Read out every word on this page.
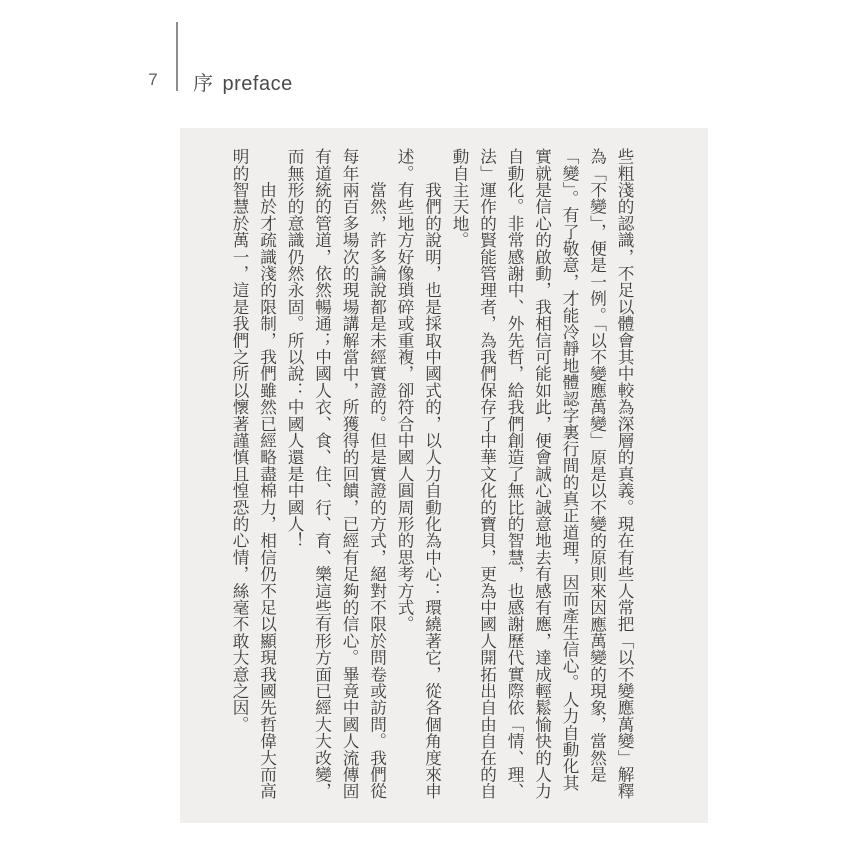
7	序 preface
些粗淺的認識，不足以體會其中較為深層的真義。現在有些人常把「以不變應萬變」解釋
為「不變」，便是一例。「以不變應萬變」原是以不變的原則來因應萬變的現象，當然是
「變」。有了敬意，才能冷靜地體認字裏行間的真正道理，因而產生信心。人力自動化其
實就是信心的啟動，我相信可能如此，便會誠心誠意地去有感有應，達成輕鬆愉快的人力
自動化。非常感謝中、外先哲，給我們創造了無比的智慧，也感謝歷代實際依「情、理、
法」運作的賢能管理者，為我們保存了中華文化的寶貝，更為中國人開拓出自由自在的自
動自主天地。
　　我們的說明，也是採取中國式的，以人力自動化為中心：環繞著它，從各個角度來申
述。有些地方好像瑣碎或重複，卻符合中國人圓周形的思考方式。
　　當然，許多論說都是未經實證的。但是實證的方式，絕對不限於問卷或訪問。我們從
每年兩百多場次的現場講解當中，所獲得的回饋，已經有足夠的信心。畢竟中國人流傳固
有道統的管道，依然暢通；中國人衣、食、住、行、育、樂這些有形方面已經大大改變，
而無形的意識仍然永固。所以說：中國人還是中國人！
　　由於才疏識淺的限制，我們雖然已經略盡棉力，相信仍不足以顯現我國先哲偉大而高
明的智慧於萬一，這是我們之所以懷著謹慎且惶恐的心情，絲毫不敢大意之因。
